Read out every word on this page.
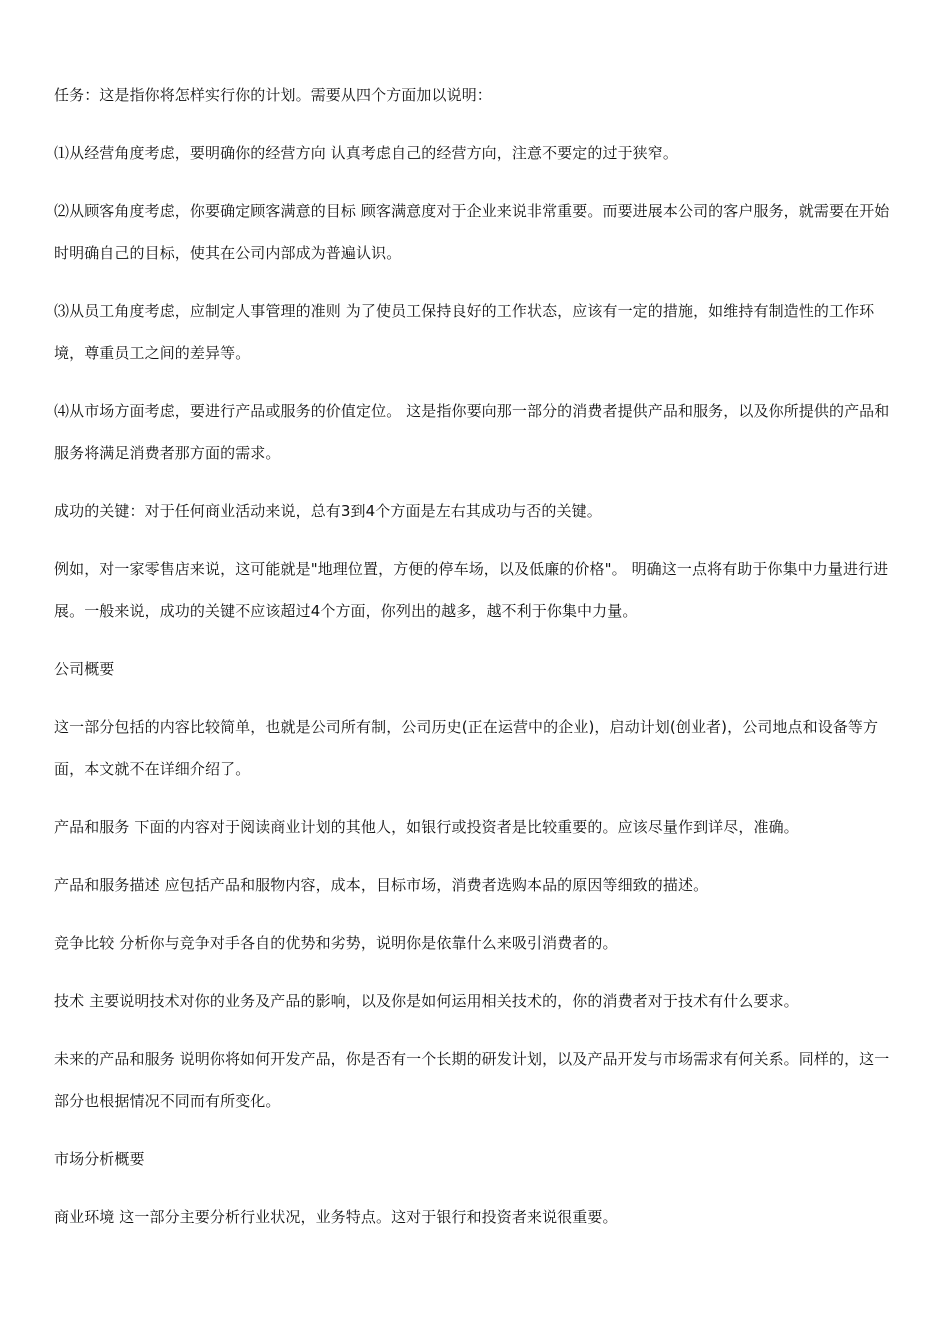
任务：这是指你将怎样实行你的计划。需要从四个方面加以说明：

⑴从经营角度考虑，要明确你的经营方向 认真考虑自己的经营方向，注意不要定的过于狭窄。

⑵从顾客角度考虑，你要确定顾客满意的目标 顾客满意度对于企业来说非常重要。而要进展本公司的客户服务，就需要在开始时明确自己的目标，使其在公司内部成为普遍认识。

⑶从员工角度考虑，应制定人事管理的准则 为了使员工保持良好的工作状态，应该有一定的措施，如维持有制造性的工作环境，尊重员工之间的差异等。

⑷从市场方面考虑，要进行产品或服务的价值定位。 这是指你要向那一部分的消费者提供产品和服务，以及你所提供的产品和服务将满足消费者那方面的需求。

成功的关键：对于任何商业活动来说，总有3到4个方面是左右其成功与否的关键。

例如，对一家零售店来说，这可能就是"地理位置，方便的停车场，以及低廉的价格"。 明确这一点将有助于你集中力量进行进展。一般来说，成功的关键不应该超过4个方面，你列出的越多，越不利于你集中力量。

公司概要

这一部分包括的内容比较简单，也就是公司所有制，公司历史(正在运营中的企业)，启动计划(创业者)，公司地点和设备等方面，本文就不在详细介绍了。

产品和服务 下面的内容对于阅读商业计划的其他人，如银行或投资者是比较重要的。应该尽量作到详尽，准确。

产品和服务描述 应包括产品和服物内容，成本，目标市场，消费者选购本品的原因等细致的描述。

竞争比较 分析你与竞争对手各自的优势和劣势，说明你是依靠什么来吸引消费者的。

技术 主要说明技术对你的业务及产品的影响，以及你是如何运用相关技术的，你的消费者对于技术有什么要求。

未来的产品和服务 说明你将如何开发产品，你是否有一个长期的研发计划，以及产品开发与市场需求有何关系。同样的，这一部分也根据情况不同而有所变化。

市场分析概要

商业环境 这一部分主要分析行业状况，业务特点。这对于银行和投资者来说很重要。
